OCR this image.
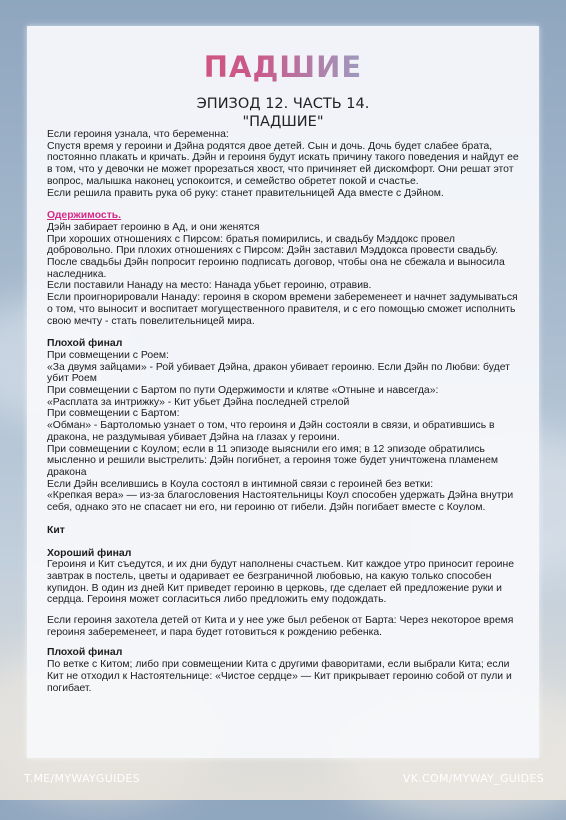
ПАДШИЕ
ЭПИЗОД 12. ЧАСТЬ 14.
"ПАДШИЕ"

Если героиня узнала, что беременна:

Спустя время у героини и Дэйна родятся двое детей. Сын и дочь. Дочь будет слабее брата, постоянно плакать и кричать. Дэйн и героиня будут искать причину такого поведения и найдут ее в том, что у девочки не может прорезаться хвост, что причиняет ей дискомфорт. Они решат этот вопрос, малышка наконец успокоится, и семейство обретет покой и счастье.

Если решила править рука об руку: станет правительницей Ада вместе с Дэйном.

Одержимость.

Дэйн забирает героиню в Ад, и они женятся

При хороших отношениях с Пирсом: братья помирились, и свадьбу Мэддокс провел добровольно. При плохих отношениях с Пирсом: Дэйн заставил Мэддокса провести свадьбу. После свадьбы Дэйн попросит героиню подписать договор, чтобы она не сбежала и выносила наследника.

Если поставили Нанаду на место: Нанада убьет героиню, отравив.

Если проигнорировали Нанаду: героиня в скором времени забеременеет и начнет задумываться о том, что выносит и воспитает могущественного правителя, и с его помощью сможет исполнить свою мечту - стать повелительницей мира.

Плохой финал

При совмещении с Роем:

«За двумя зайцами» - Рой убивает Дэйна, дракон убивает героиню. Если Дэйн по Любви: будет убит Роем

При совмещении с Бартом по пути Одержимости и клятве «Отныне и навсегда»:

«Расплата за интрижку» - Кит убьет Дэйна последней стрелой

При совмещении с Бартом:

«Обман» - Бартоломью узнает о том, что героиня и Дэйн состояли в связи, и обратившись в дракона, не раздумывая убивает Дэйна на глазах у героини.

При совмещении с Коулом; если в 11 эпизоде выяснили его имя; в 12 эпизоде обратились мысленно и решили выстрелить: Дэйн погибнет, а героиня тоже будет уничтожена пламенем дракона

Если Дэйн вселившись в Коула состоял в интимной связи с героиней без ветки:

«Крепкая вера» — из-за благословения Настоятельницы Коул способен удержать Дэйна внутри себя, однако это не спасает ни его, ни героиню от гибели. Дэйн погибает вместе с Коулом.

Кит

Хороший финал

Героиня и Кит съедутся, и их дни будут наполнены счастьем. Кит каждое утро приносит героине завтрак в постель, цветы и одаривает ее безграничной любовью, на какую только способен купидон. В один из дней Кит приведет героиню в церковь, где сделает ей предложение руки и сердца. Героиня может согласиться либо предложить ему подождать.

Если героиня захотела детей от Кита и у нее уже был ребенок от Барта: Через некоторое время героиня забеременеет, и пара будет готовиться к рождению ребенка.

Плохой финал

По ветке с Китом; либо при совмещении Кита с другими фаворитами, если выбрали Кита; если Кит не отходил к Настоятельнице: «Чистое сердце» — Кит прикрывает героиню собой от пули и погибает.

T.ME/MYWAYGUIDES	VK.COM/MYWAY_GUIDES
